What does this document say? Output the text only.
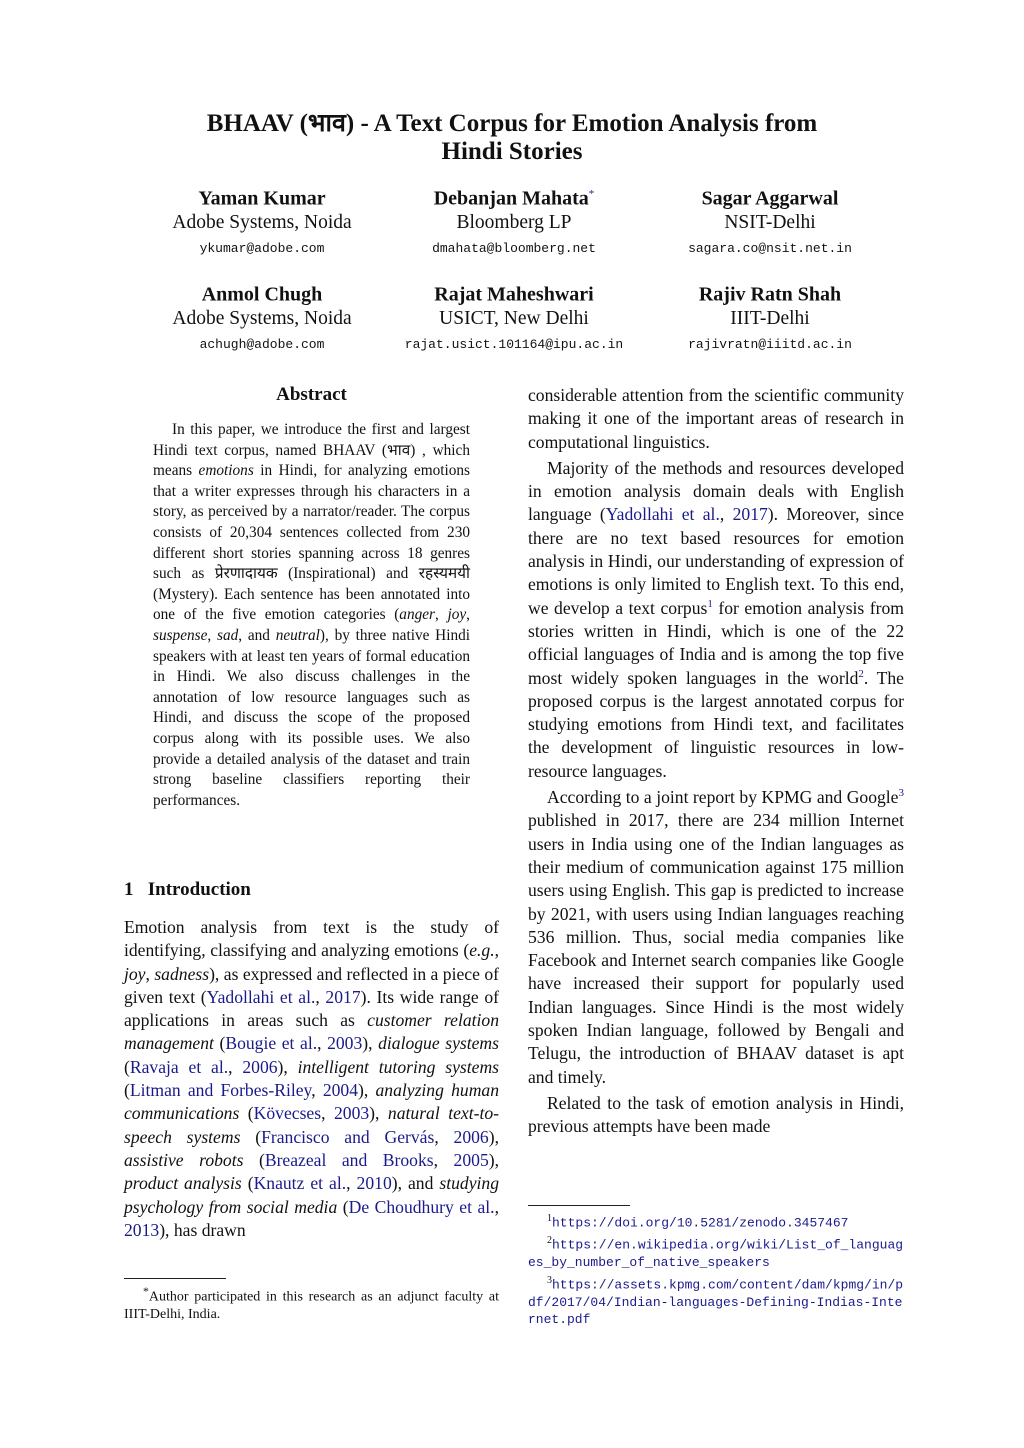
BHAAV (भाव) - A Text Corpus for Emotion Analysis from
Hindi Stories
Yaman Kumar
Adobe Systems, Noida
ykumar@adobe.com
Debanjan Mahata*
Bloomberg LP
dmahata@bloomberg.net
Sagar Aggarwal
NSIT-Delhi
sagara.co@nsit.net.in
Anmol Chugh
Adobe Systems, Noida
achugh@adobe.com
Rajat Maheshwari
USICT, New Delhi
rajat.usict.101164@ipu.ac.in
Rajiv Ratn Shah
IIIT-Delhi
rajivratn@iiitd.ac.in
Abstract
In this paper, we introduce the first and largest Hindi text corpus, named BHAAV (भाव) , which means emotions in Hindi, for analyzing emotions that a writer expresses through his characters in a story, as perceived by a narrator/reader. The corpus consists of 20,304 sentences collected from 230 different short stories spanning across 18 genres such as प्रेरणादायक (Inspirational) and रहस्यमयी (Mystery). Each sentence has been annotated into one of the five emotion categories (anger, joy, suspense, sad, and neutral), by three native Hindi speakers with at least ten years of formal education in Hindi. We also discuss challenges in the annotation of low resource languages such as Hindi, and discuss the scope of the proposed corpus along with its possible uses. We also provide a detailed analysis of the dataset and train strong baseline classifiers reporting their performances.
1 Introduction
Emotion analysis from text is the study of identifying, classifying and analyzing emotions (e.g., joy, sadness), as expressed and reflected in a piece of given text (Yadollahi et al., 2017). Its wide range of applications in areas such as customer relation management (Bougie et al., 2003), dialogue systems (Ravaja et al., 2006), intelligent tutoring systems (Litman and Forbes-Riley, 2004), analyzing human communications (Kövecses, 2003), natural text-to-speech systems (Francisco and Gervás, 2006), assistive robots (Breazeal and Brooks, 2005), product analysis (Knautz et al., 2010), and studying psychology from social media (De Choudhury et al., 2013), has drawn
*Author participated in this research as an adjunct faculty at IIIT-Delhi, India.
considerable attention from the scientific community making it one of the important areas of research in computational linguistics.
Majority of the methods and resources developed in emotion analysis domain deals with English language (Yadollahi et al., 2017). Moreover, since there are no text based resources for emotion analysis in Hindi, our understanding of expression of emotions is only limited to English text. To this end, we develop a text corpus$^1$ for emotion analysis from stories written in Hindi, which is one of the 22 official languages of India and is among the top five most widely spoken languages in the world$^2$. The proposed corpus is the largest annotated corpus for studying emotions from Hindi text, and facilitates the development of linguistic resources in low-resource languages.
According to a joint report by KPMG and Google$^3$ published in 2017, there are 234 million Internet users in India using one of the Indian languages as their medium of communication against 175 million users using English. This gap is predicted to increase by 2021, with users using Indian languages reaching 536 million. Thus, social media companies like Facebook and Internet search companies like Google have increased their support for popularly used Indian languages. Since Hindi is the most widely spoken Indian language, followed by Bengali and Telugu, the introduction of BHAAV dataset is apt and timely.
Related to the task of emotion analysis in Hindi, previous attempts have been made
$^1$https://doi.org/10.5281/zenodo.3457467
$^2$https://en.wikipedia.org/wiki/List_of_languages_by_number_of_native_speakers
$^3$https://assets.kpmg.com/content/dam/kpmg/in/pdf/2017/04/Indian-languages-Defining-Indias-Internet.pdf
